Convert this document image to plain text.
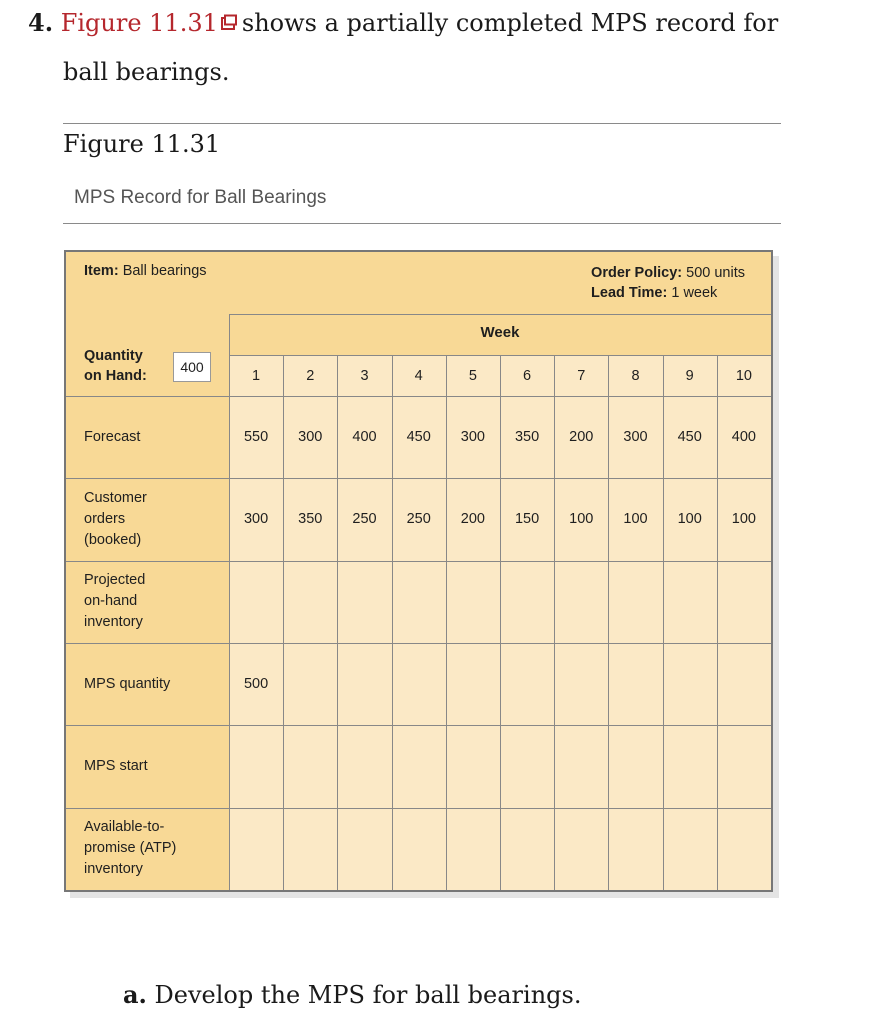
4. Figure 11.31 shows a partially completed MPS record for
ball bearings.
Figure 11.31
MPS Record for Ball Bearings
Item: Ball bearings	Order Policy: 500 units
Lead Time: 1 week
Quantity
on Hand:
400
Week
1	2	3	4	5	6	7	8	9	10
Forecast	550	300	400	450	300	350	200	300	450	400
Customer
orders
(booked)
300	350	250	250	200	150	100	100	100	100
Projected
on-hand
inventory
MPS quantity	500
MPS start
Available-to-
promise (ATP)
inventory
a. Develop the MPS for ball bearings.
